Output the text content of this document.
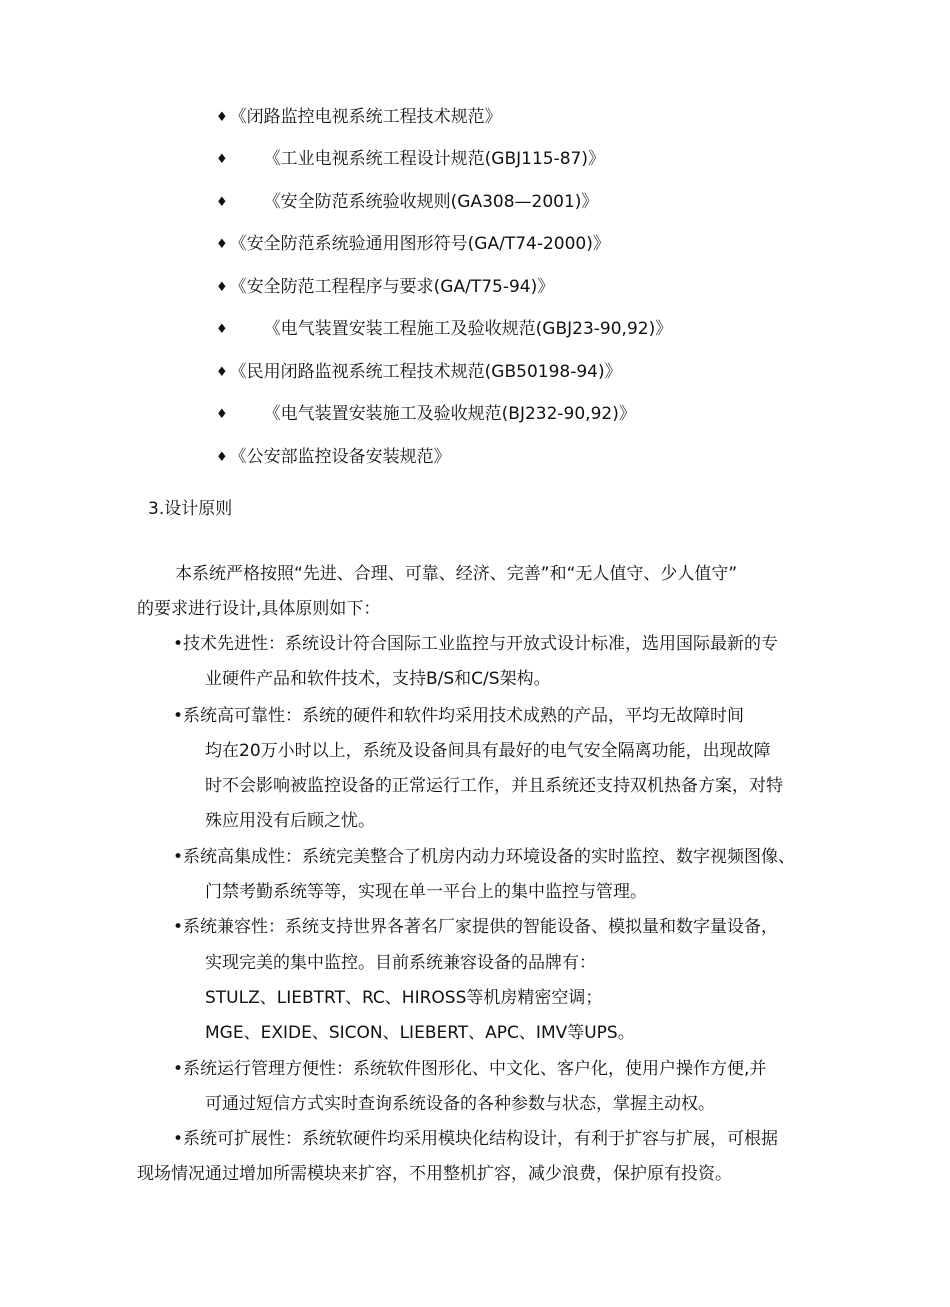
♦ 《闭路监控电视系统工程技术规范》
♦ 《工业电视系统工程设计规范(GBJ115-87)》
♦ 《安全防范系统验收规则(GA308—2001)》
♦ 《安全防范系统验通用图形符号(GA/T74-2000)》
♦ 《安全防范工程程序与要求(GA/T75-94)》
♦ 《电气装置安装工程施工及验收规范(GBJ23-90,92)》
♦ 《民用闭路监视系统工程技术规范(GB50198-94)》
♦ 《电气装置安装施工及验收规范(BJ232-90,92)》
♦ 《公安部监控设备安装规范》
3.设计原则
本系统严格按照“先进、合理、可靠、经济、完善”和“无人值守、少人值守”
的要求进行设计,具体原则如下：
•技术先进性：系统设计符合国际工业监控与开放式设计标准，选用国际最新的专
业硬件产品和软件技术，支持B/S和C/S架构。
•系统高可靠性：系统的硬件和软件均采用技术成熟的产品，平均无故障时间
均在20万小时以上，系统及设备间具有最好的电气安全隔离功能，出现故障
时不会影响被监控设备的正常运行工作，并且系统还支持双机热备方案，对特
殊应用没有后顾之忧。
•系统高集成性：系统完美整合了机房内动力环境设备的实时监控、数字视频图像、
门禁考勤系统等等，实现在单一平台上的集中监控与管理。
•系统兼容性：系统支持世界各著名厂家提供的智能设备、模拟量和数字量设备，
实现完美的集中监控。目前系统兼容设备的品牌有：
STULZ、LIEBTRT、RC、HIROSS等机房精密空调；
MGE、EXIDE、SICON、LIEBERT、APC、IMV等UPS。
•系统运行管理方便性：系统软件图形化、中文化、客户化，使用户操作方便,并
可通过短信方式实时查询系统设备的各种参数与状态，掌握主动权。
•系统可扩展性：系统软硬件均采用模块化结构设计，有利于扩容与扩展，可根据
现场情况通过增加所需模块来扩容，不用整机扩容，减少浪费，保护原有投资。
